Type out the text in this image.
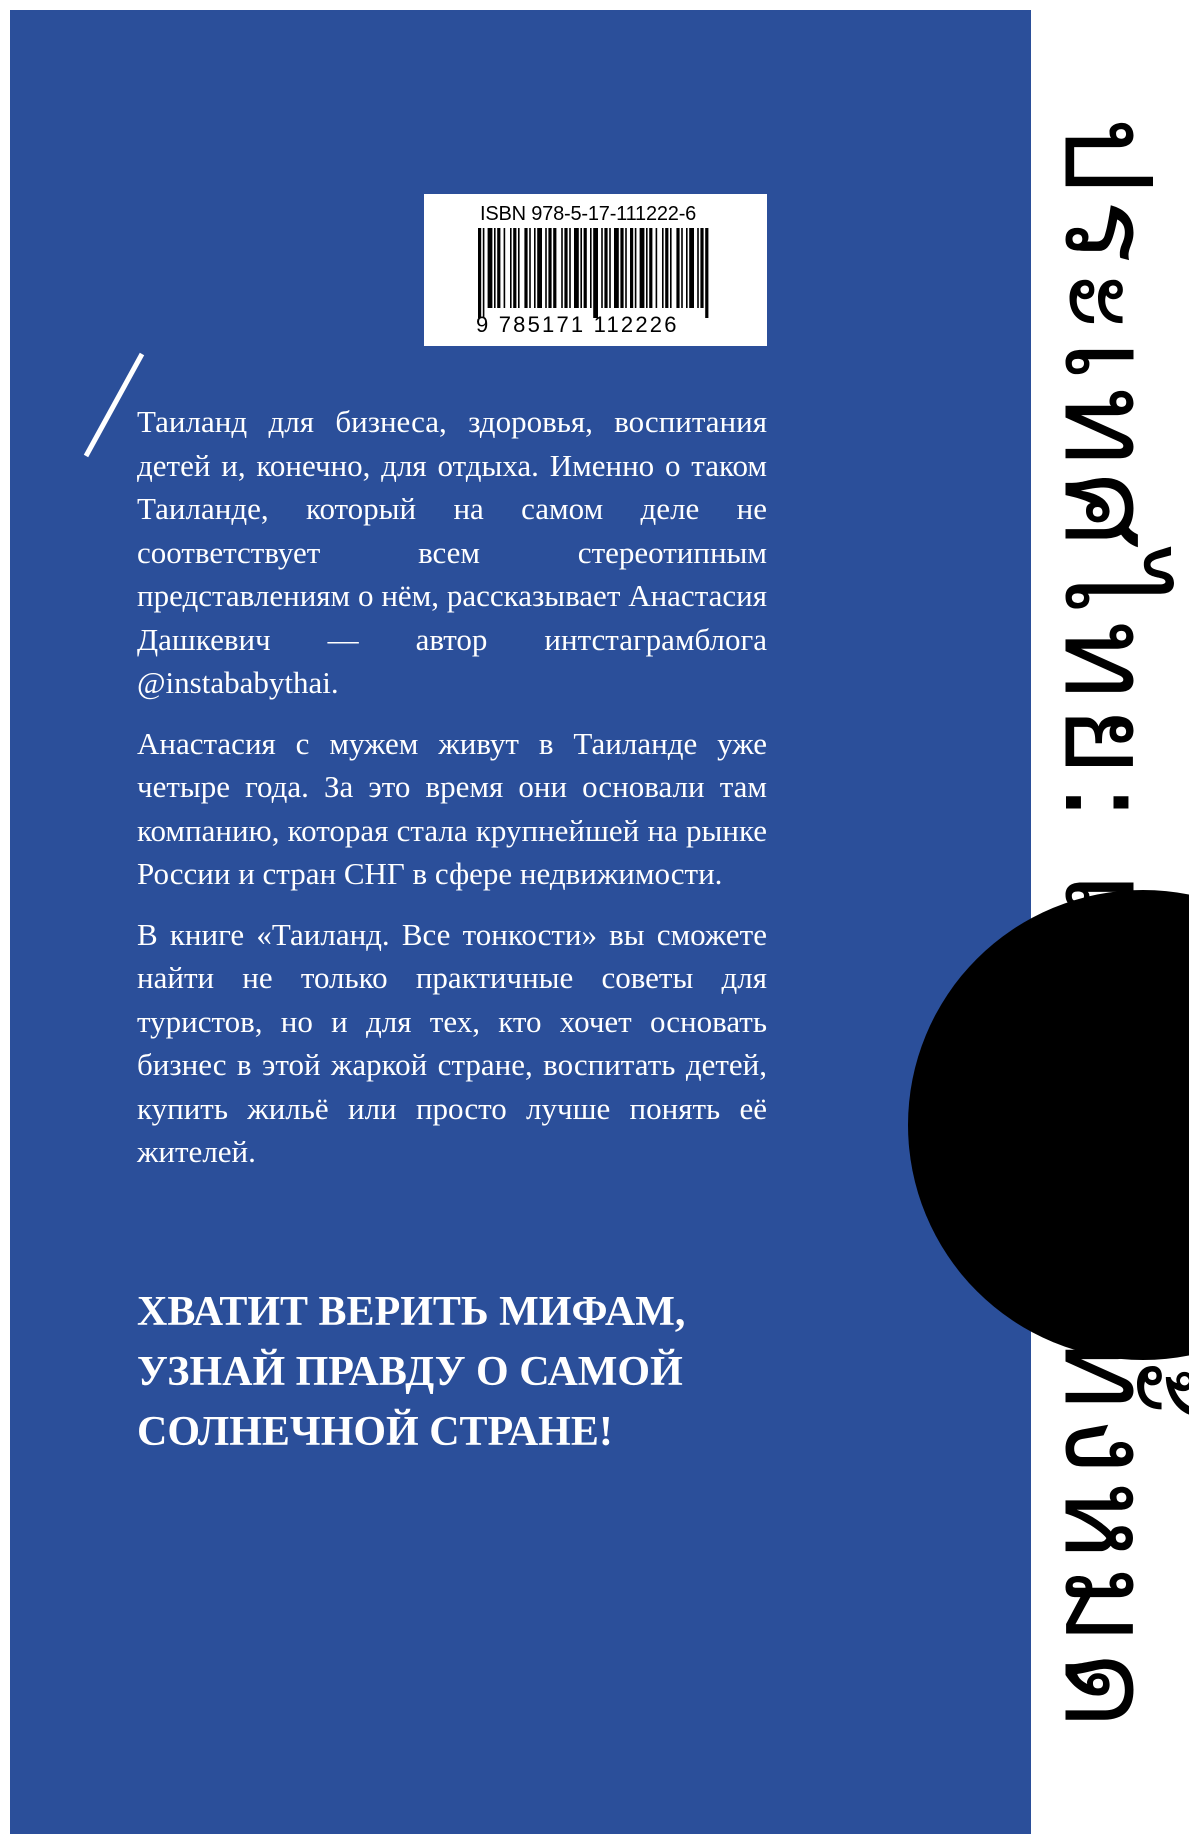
ISBN 978-5-17-111222-6
9 785171 112226

Таиланд для бизнеса, здоровья, воспитания детей и, конечно, для отдыха. Именно о таком Таиланде, который на самом деле не соответствует всем стереотипным представлениям о нём, рассказывает Анастасия Дашкевич — автор интстаграмблога @instababythai.

Анастасия с мужем живут в Таиланде уже четыре года. За это время они основали там компанию, которая стала крупнейшей на рынке России и стран СНГ в сфере недвижимости.

В книге «Таиланд. Все тонкости» вы сможете найти не только практичные советы для туристов, но и для тех, кто хочет основать бизнес в этой жаркой стране, воспитать детей, купить жильё или просто лучше понять её жителей.

ХВАТИТ ВЕРИТЬ МИФАМ,
УЗНАЙ ПРАВДУ О САМОЙ
СОЛНЕЧНОЙ СТРАНЕ!	ประเทศไทย: เคล็ดลับทั้งหมด
